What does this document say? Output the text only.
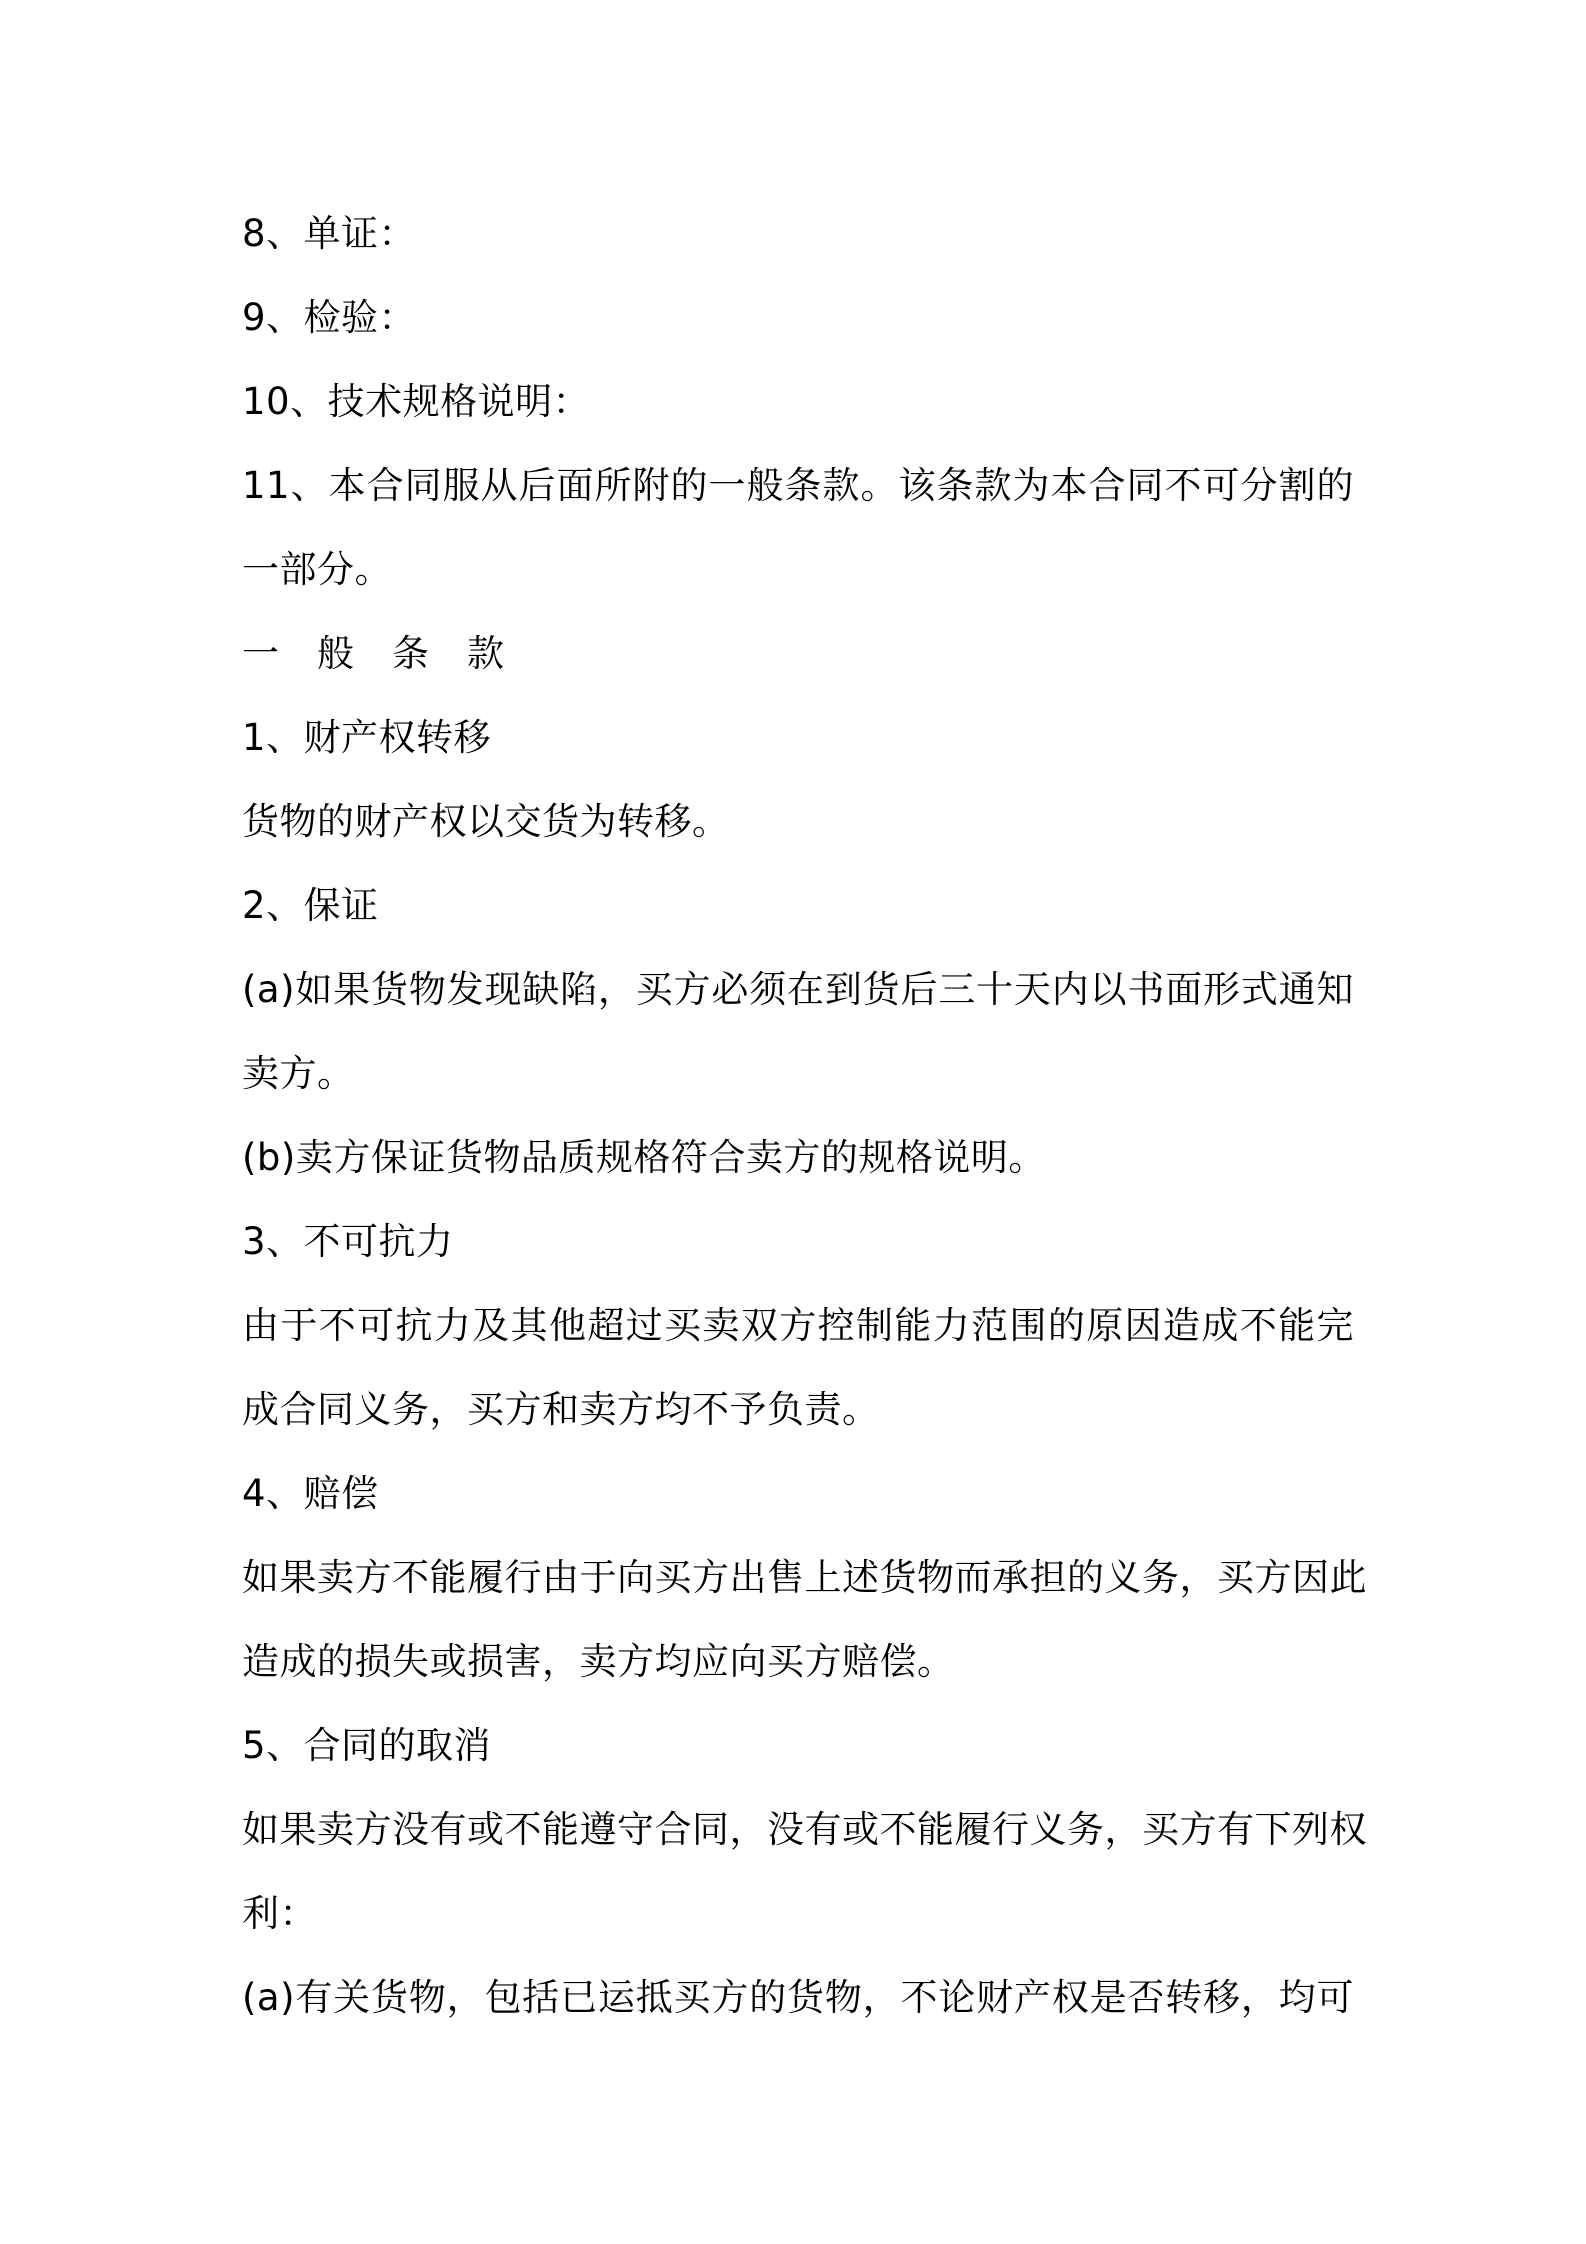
8、单证：
9、检验：
10、技术规格说明：
11、本合同服从后面所附的一般条款。该条款为本合同不可分割的
一部分。
一　般　条　款
1、财产权转移
货物的财产权以交货为转移。
2、保证
(a)如果货物发现缺陷，买方必须在到货后三十天内以书面形式通知
卖方。
(b)卖方保证货物品质规格符合卖方的规格说明。
3、不可抗力
由于不可抗力及其他超过买卖双方控制能力范围的原因造成不能完
成合同义务，买方和卖方均不予负责。
4、赔偿
如果卖方不能履行由于向买方出售上述货物而承担的义务，买方因此
造成的损失或损害，卖方均应向买方赔偿。
5、合同的取消
如果卖方没有或不能遵守合同，没有或不能履行义务，买方有下列权
利：
(a)有关货物，包括已运抵买方的货物，不论财产权是否转移，均可
